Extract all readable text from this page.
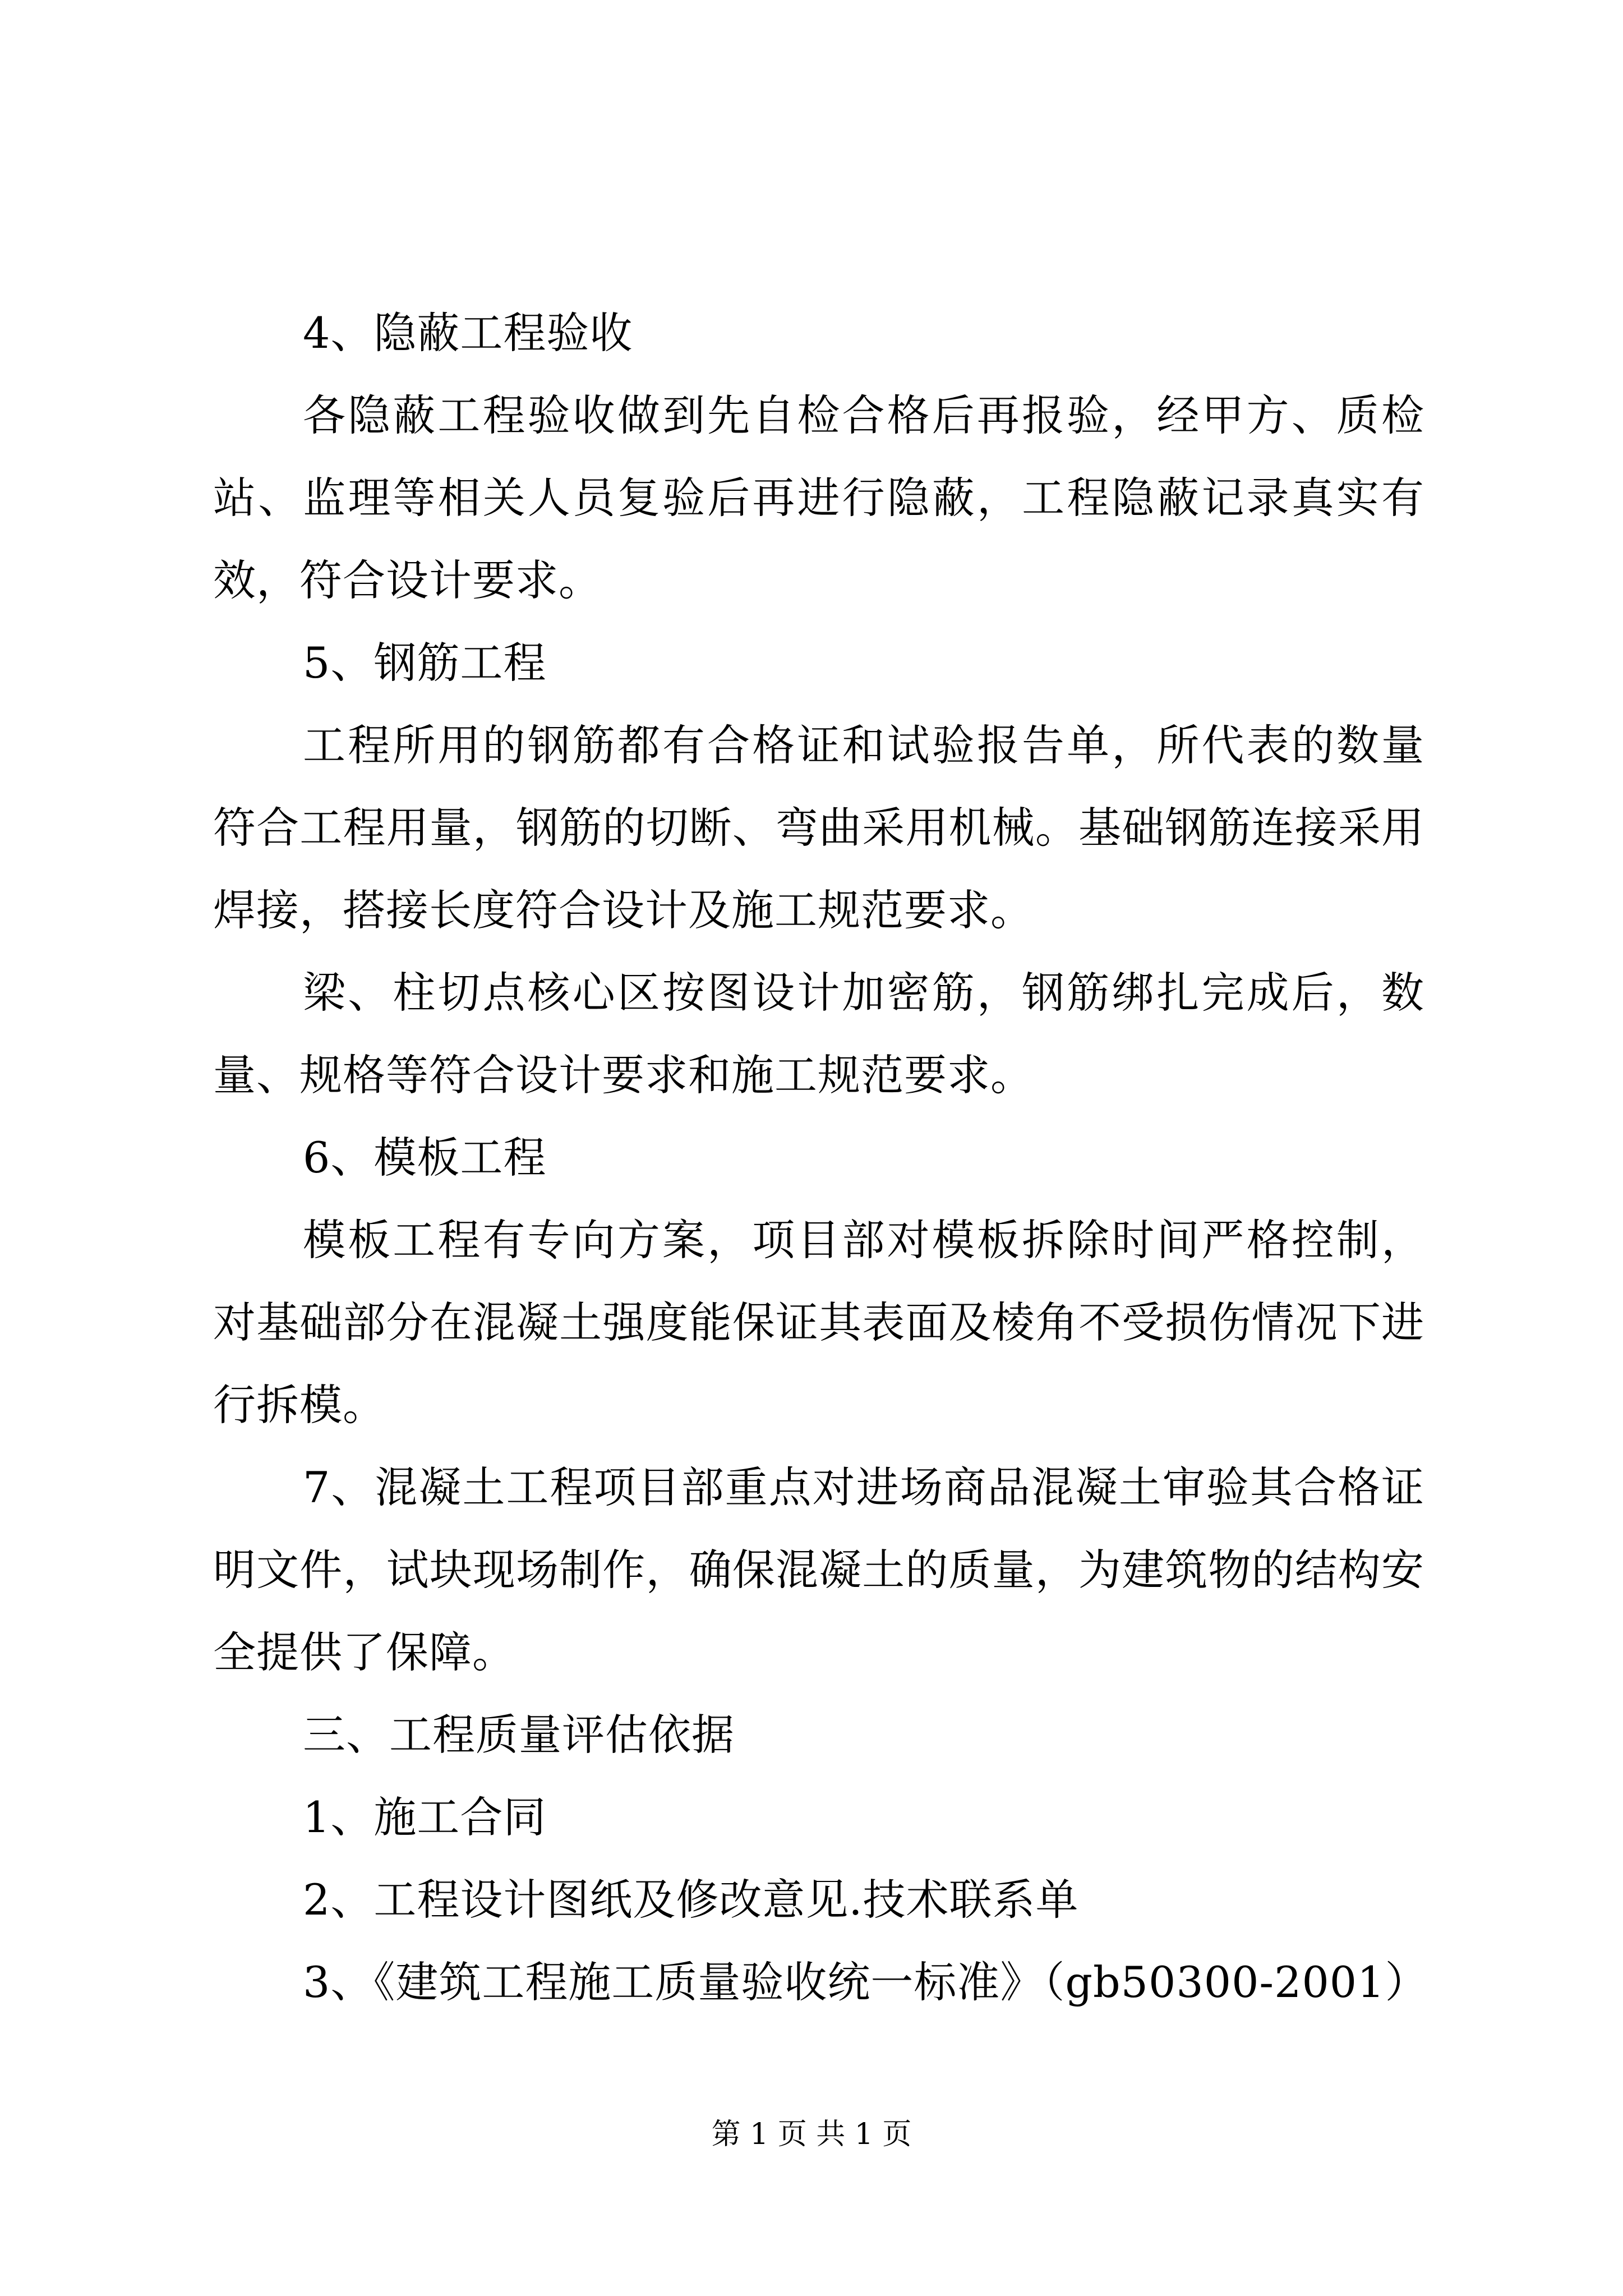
4、隐蔽工程验收

各隐蔽工程验收做到先自检合格后再报验，经甲方、质检站、监理等相关人员复验后再进行隐蔽，工程隐蔽记录真实有效，符合设计要求。

5、钢筋工程

工程所用的钢筋都有合格证和试验报告单，所代表的数量符合工程用量，钢筋的切断、弯曲采用机械。基础钢筋连接采用焊接，搭接长度符合设计及施工规范要求。

梁、柱切点核心区按图设计加密筋，钢筋绑扎完成后，数量、规格等符合设计要求和施工规范要求。

6、模板工程

模板工程有专向方案，项目部对模板拆除时间严格控制，对基础部分在混凝土强度能保证其表面及棱角不受损伤情况下进行拆模。

7、混凝土工程项目部重点对进场商品混凝土审验其合格证明文件，试块现场制作，确保混凝土的质量，为建筑物的结构安全提供了保障。

三、工程质量评估依据

1、施工合同

2、工程设计图纸及修改意见.技术联系单

3、《建筑工程施工质量验收统一标准》（gb50300-2001）

第 1 页 共 1 页
